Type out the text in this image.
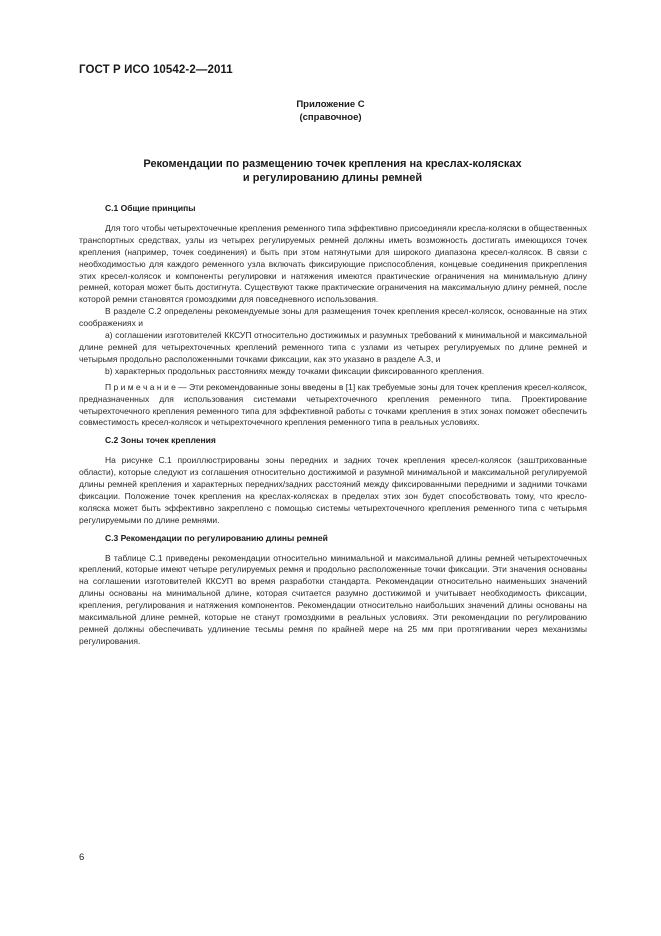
ГОСТ Р ИСО 10542-2—2011
Приложение С
(справочное)
Рекомендации по размещению точек крепления на креслах-колясках
и регулированию длины ремней
С.1 Общие принципы

Для того чтобы четырехточечные крепления ременного типа эффективно присоединяли кресла-коляски в общественных транспортных средствах, узлы из четырех регулируемых ремней должны иметь возможность достигать имеющихся точек крепления (например, точек соединения) и быть при этом натянутыми для широкого диапазона кресел-колясок. В связи с необходимостью для каждого ременного узла включать фиксирующие приспособления, концевые соединения прикрепления этих кресел-колясок и компоненты регулировки и натяжения имеются практические ограничения на минимальную длину ремней, которая может быть достигнута. Существуют также практические ограничения на максимальную длину ремней, после которой ремни становятся громоздкими для повседневного использования.

В разделе С.2 определены рекомендуемые зоны для размещения точек крепления кресел-колясок, основанные на этих соображениях и

a) соглашении изготовителей ККСУП относительно достижимых и разумных требований к минимальной и максимальной длине ремней для четырехточечных креплений ременного типа с узлами из четырех регулируемых по длине ремней и четырьмя продольно расположенными точками фиксации, как это указано в разделе А.3, и

b) характерных продольных расстояниях между точками фиксации фиксированного крепления.

П р и м е ч а н и е — Эти рекомендованные зоны введены в [1] как требуемые зоны для точек крепления кресел-колясок, предназначенных для использования системами четырехточечного крепления ременного типа. Проектирование четырехточечного крепления ременного типа для эффективной работы с точками крепления в этих зонах поможет обеспечить совместимость кресел-колясок и четырехточечного крепления ременного типа в реальных условиях.

С.2 Зоны точек крепления

На рисунке С.1 проиллюстрированы зоны передних и задних точек крепления кресел-колясок (заштрихованные области), которые следуют из соглашения относительно достижимой и разумной минимальной и максимальной регулируемой длины ремней крепления и характерных передних/задних расстояний между фиксированными передними и задними точками фиксации. Положение точек крепления на креслах-колясках в пределах этих зон будет способствовать тому, что кресло-коляска может быть эффективно закреплено с помощью системы четырехточечного крепления ременного типа с четырьмя регулируемыми по длине ремнями.

С.3 Рекомендации по регулированию длины ремней

В таблице С.1 приведены рекомендации относительно минимальной и максимальной длины ремней четырехточечных креплений, которые имеют четыре регулируемых ремня и продольно расположенные точки фиксации. Эти значения основаны на соглашении изготовителей ККСУП во время разработки стандарта. Рекомендации относительно наименьших значений длины основаны на минимальной длине, которая считается разумно достижимой и учитывает необходимость фиксации, крепления, регулирования и натяжения компонентов. Рекомендации относительно наибольших значений длины основаны на максимальной длине ремней, которые не станут громоздкими в реальных условиях. Эти рекомендации по регулированию ремней должны обеспечивать удлинение тесьмы ремня по крайней мере на 25 мм при протягивании через механизмы регулирования.

6
